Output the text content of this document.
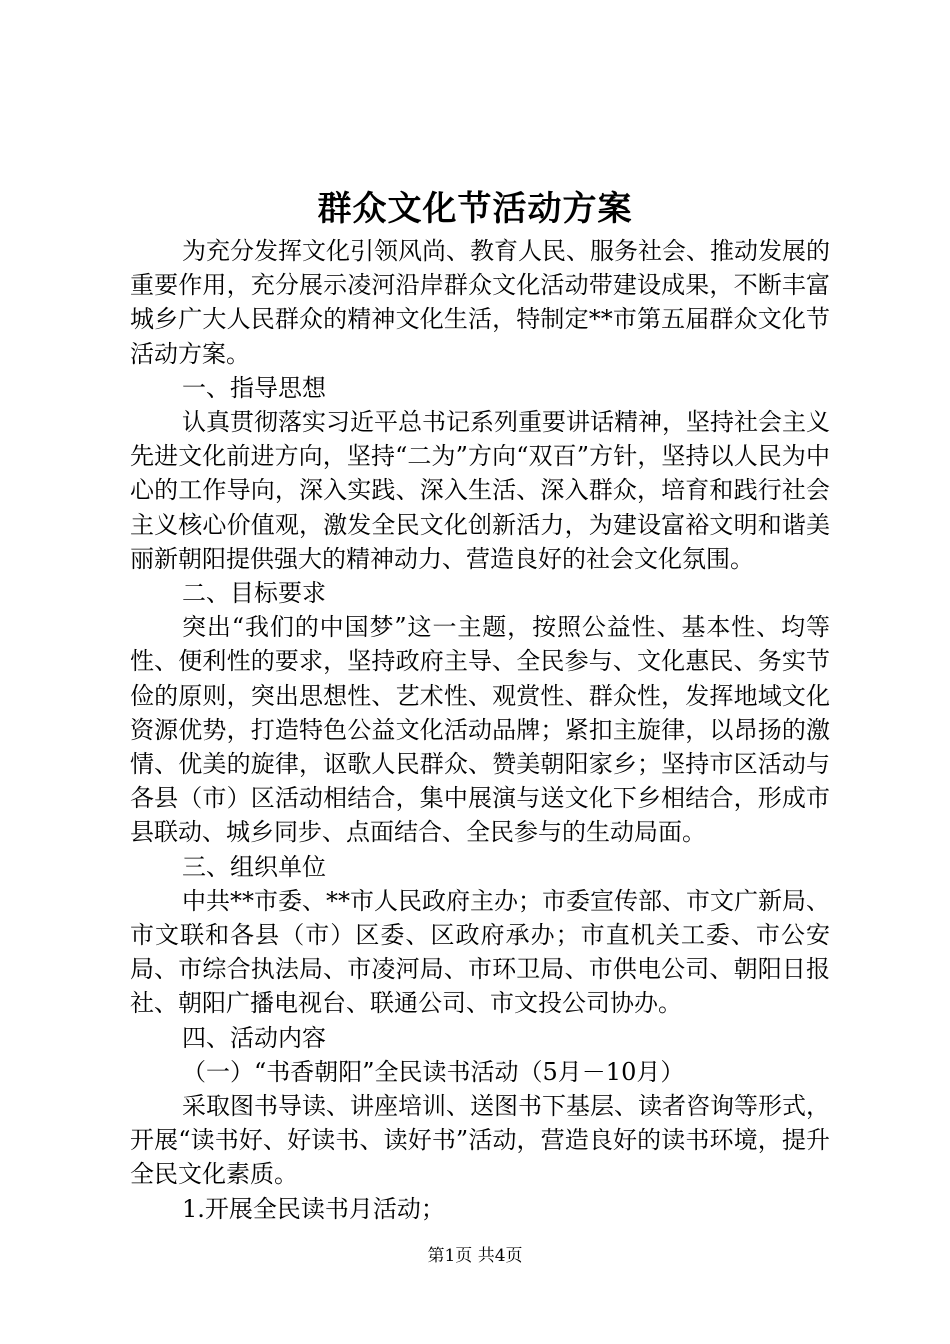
群众文化节活动方案

为充分发挥文化引领风尚、教育人民、服务社会、推动发展的重要作用，充分展示凌河沿岸群众文化活动带建设成果，不断丰富城乡广大人民群众的精神文化生活，特制定**市第五届群众文化节活动方案。

一、指导思想

认真贯彻落实习近平总书记系列重要讲话精神，坚持社会主义先进文化前进方向，坚持“二为”方向“双百”方针，坚持以人民为中心的工作导向，深入实践、深入生活、深入群众，培育和践行社会主义核心价值观，激发全民文化创新活力，为建设富裕文明和谐美丽新朝阳提供强大的精神动力、营造良好的社会文化氛围。

二、目标要求

突出“我们的中国梦”这一主题，按照公益性、基本性、均等性、便利性的要求，坚持政府主导、全民参与、文化惠民、务实节俭的原则，突出思想性、艺术性、观赏性、群众性，发挥地域文化资源优势，打造特色公益文化活动品牌；紧扣主旋律，以昂扬的激情、优美的旋律，讴歌人民群众、赞美朝阳家乡；坚持市区活动与各县（市）区活动相结合，集中展演与送文化下乡相结合，形成市县联动、城乡同步、点面结合、全民参与的生动局面。

三、组织单位

中共**市委、**市人民政府主办；市委宣传部、市文广新局、市文联和各县（市）区委、区政府承办；市直机关工委、市公安局、市综合执法局、市凌河局、市环卫局、市供电公司、朝阳日报社、朝阳广播电视台、联通公司、市文投公司协办。

四、活动内容

（一）“书香朝阳”全民读书活动（5月－10月）

采取图书导读、讲座培训、送图书下基层、读者咨询等形式，开展“读书好、好读书、读好书”活动，营造良好的读书环境，提升全民文化素质。

1.开展全民读书月活动；

第1页 共4页
